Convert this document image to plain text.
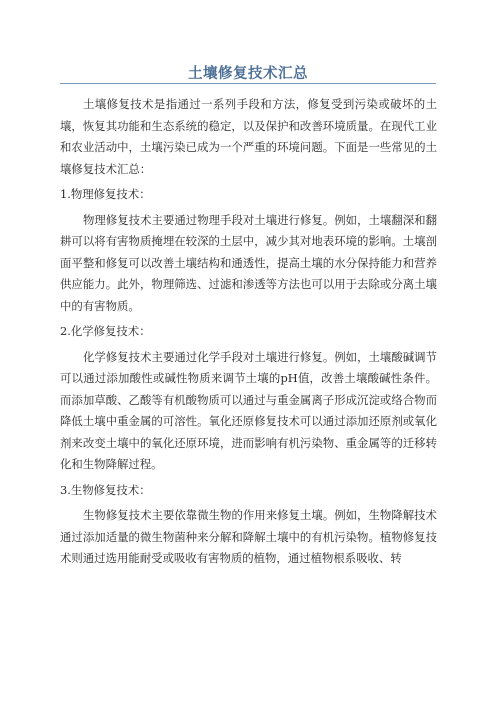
土壤修复技术汇总

土壤修复技术是指通过一系列手段和方法，修复受到污染或破坏的土壤，恢复其功能和生态系统的稳定，以及保护和改善环境质量。在现代工业和农业活动中，土壤污染已成为一个严重的环境问题。下面是一些常见的土壤修复技术汇总：

1.物理修复技术：

物理修复技术主要通过物理手段对土壤进行修复。例如，土壤翻深和翻耕可以将有害物质掩埋在较深的土层中，减少其对地表环境的影响。土壤剖面平整和修复可以改善土壤结构和通透性，提高土壤的水分保持能力和营养供应能力。此外，物理筛选、过滤和渗透等方法也可以用于去除或分离土壤中的有害物质。

2.化学修复技术：

化学修复技术主要通过化学手段对土壤进行修复。例如，土壤酸碱调节可以通过添加酸性或碱性物质来调节土壤的pH值，改善土壤酸碱性条件。而添加草酸、乙酸等有机酸物质可以通过与重金属离子形成沉淀或络合物而降低土壤中重金属的可溶性。氧化还原修复技术可以通过添加还原剂或氧化剂来改变土壤中的氧化还原环境，进而影响有机污染物、重金属等的迁移转化和生物降解过程。

3.生物修复技术：

生物修复技术主要依靠微生物的作用来修复土壤。例如，生物降解技术通过添加适量的微生物菌种来分解和降解土壤中的有机污染物。植物修复技术则通过选用能耐受或吸收有害物质的植物，通过植物根系吸收、转
